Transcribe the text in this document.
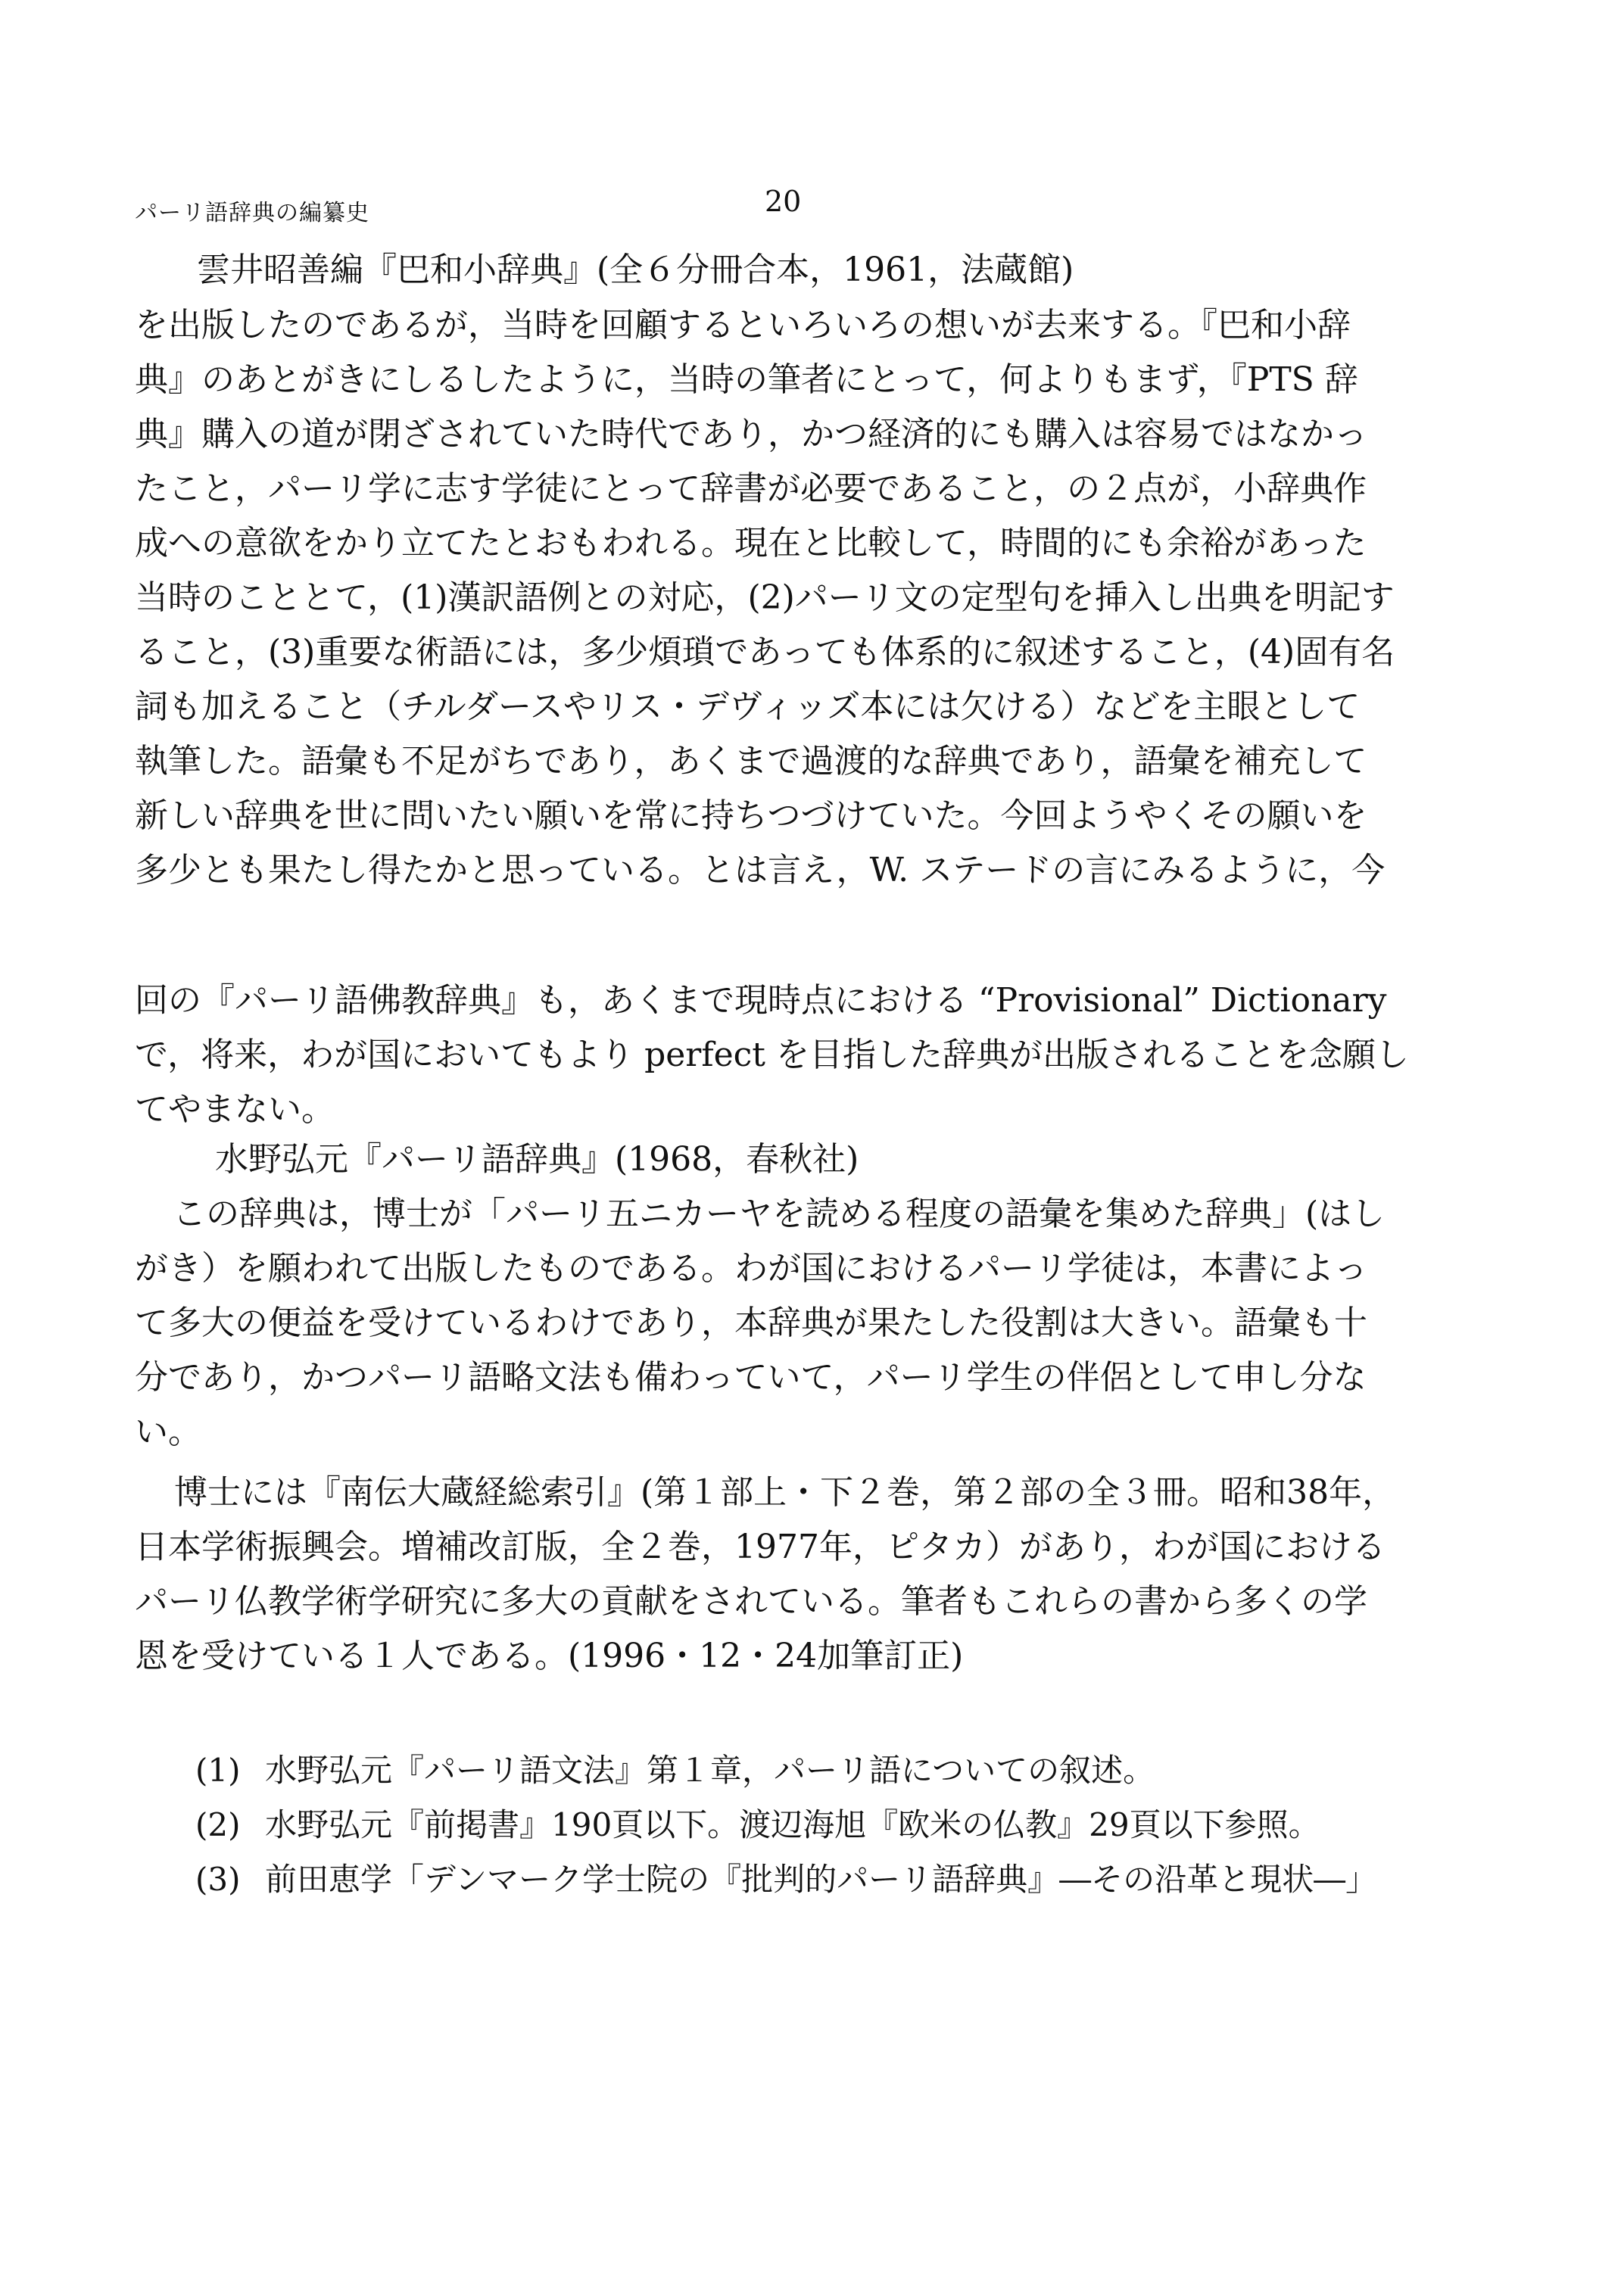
パーリ語辞典の編纂史	20
雲井昭善編『巴和小辞典』(全６分冊合本，1961，法蔵館)
を出版したのであるが，当時を回顧するといろいろの想いが去来する。『巴和小辞
典』のあとがきにしるしたように，当時の筆者にとって，何よりもまず，『PTS 辞
典』購入の道が閉ざされていた時代であり，かつ経済的にも購入は容易ではなかっ
たこと，パーリ学に志す学徒にとって辞書が必要であること，の２点が，小辞典作
成への意欲をかり立てたとおもわれる。現在と比較して，時間的にも余裕があった
当時のこととて，(1)漢訳語例との対応，(2)パーリ文の定型句を挿入し出典を明記す
ること，(3)重要な術語には，多少煩瑣であっても体系的に叙述すること，(4)固有名
詞も加えること（チルダースやリス・デヴィッズ本には欠ける）などを主眼として
執筆した。語彙も不足がちであり，あくまで過渡的な辞典であり，語彙を補充して
新しい辞典を世に問いたい願いを常に持ちつづけていた。今回ようやくその願いを
多少とも果たし得たかと思っている。とは言え，W. ステードの言にみるように，今
回の『パーリ語佛教辞典』も，あくまで現時点における “Provisional” Dictionary
で，将来，わが国においてもより perfect を目指した辞典が出版されることを念願し
てやまない。
水野弘元『パーリ語辞典』(1968，春秋社)
この辞典は，博士が「パーリ五ニカーヤを読める程度の語彙を集めた辞典」(はし
がき）を願われて出版したものである。わが国におけるパーリ学徒は，本書によっ
て多大の便益を受けているわけであり，本辞典が果たした役割は大きい。語彙も十
分であり，かつパーリ語略文法も備わっていて，パーリ学生の伴侶として申し分な
い。
博士には『南伝大蔵経総索引』(第１部上・下２巻，第２部の全３冊。昭和38年，
日本学術振興会。増補改訂版，全２巻，1977年，ピタカ）があり，わが国における
パーリ仏教学術学研究に多大の貢献をされている。筆者もこれらの書から多くの学
恩を受けている１人である。(1996・12・24加筆訂正)
(1) 水野弘元『パーリ語文法』第１章，パーリ語についての叙述。
(2) 水野弘元『前掲書』190頁以下。渡辺海旭『欧米の仏教』29頁以下参照。
(3) 前田恵学「デンマーク学士院の『批判的パーリ語辞典』―その沿革と現状―」
